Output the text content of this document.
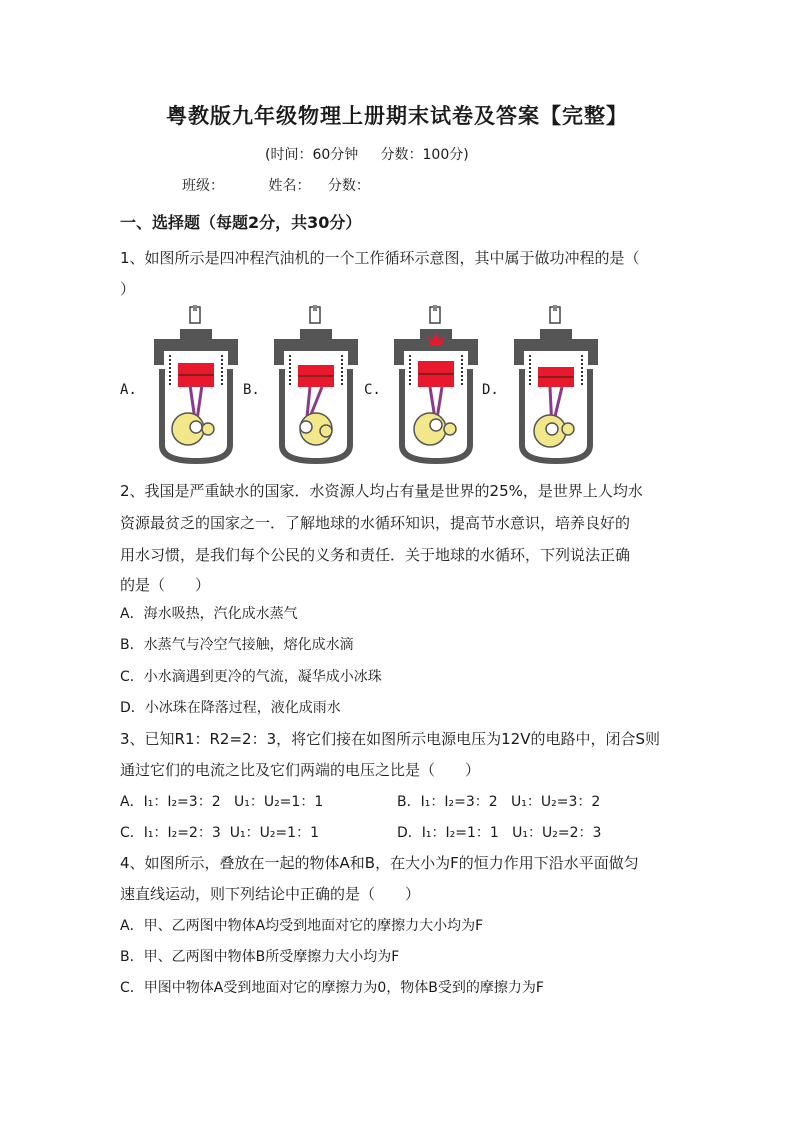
粤教版九年级物理上册期末试卷及答案【完整】
(时间：60分钟     分数：100分)
班级：	姓名： 分数：
一、选择题（每题2分，共30分）
1、如图所示是四冲程汽油机的一个工作循环示意图，其中属于做功冲程的是（
）
A.	B.	C.	D.
2、我国是严重缺水的国家．水资源人均占有量是世界的25%，是世界上人均水
资源最贫乏的国家之一．了解地球的水循环知识，提高节水意识，培养良好的
用水习惯，是我们每个公民的义务和责任．关于地球的水循环，下列说法正确
的是（　　）
A．海水吸热，汽化成水蒸气
B．水蒸气与冷空气接触，熔化成水滴
C．小水滴遇到更冷的气流，凝华成小冰珠
D．小冰珠在降落过程，液化成雨水
3、已知R1：R2=2：3，将它们接在如图所示电源电压为12V的电路中，闭合S则
通过它们的电流之比及它们两端的电压之比是（　　）
A．I₁：I₂=3：2 U₁：U₂=1：1	B．I₁：I₂=3：2 U₁：U₂=3：2
C．I₁：I₂=2：3 U₁：U₂=1：1	D．I₁：I₂=1：1 U₁：U₂=2：3
4、如图所示，叠放在一起的物体A和B，在大小为F的恒力作用下沿水平面做匀
速直线运动，则下列结论中正确的是（　　）
A．甲、乙两图中物体A均受到地面对它的摩擦力大小均为F
B．甲、乙两图中物体B所受摩擦力大小均为F
C．甲图中物体A受到地面对它的摩擦力为0，物体B受到的摩擦力为F
